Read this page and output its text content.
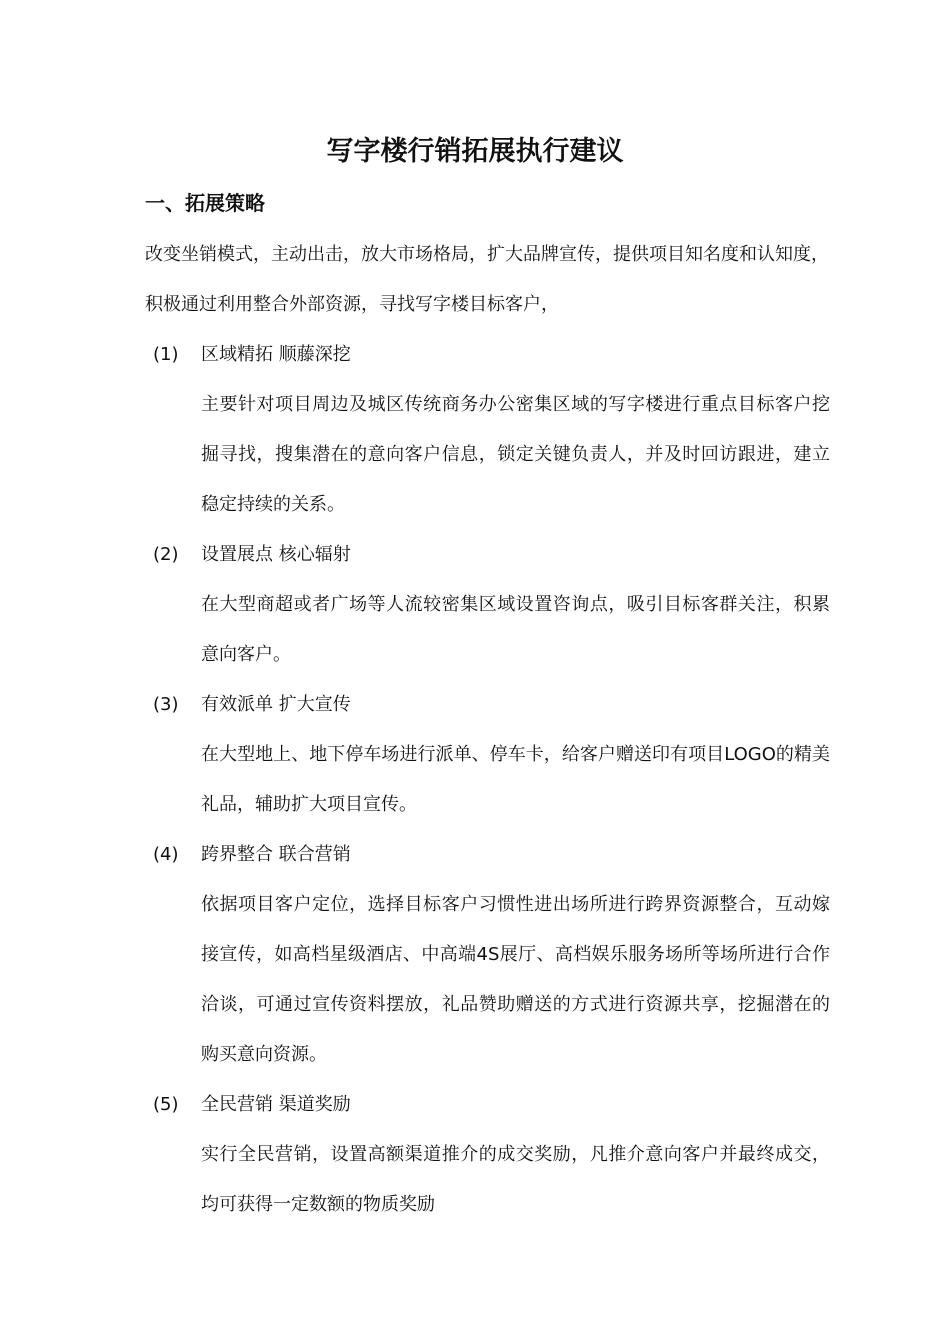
写字楼行销拓展执行建议
一、拓展策略

改变坐销模式，主动出击，放大市场格局，扩大品牌宣传，提供项目知名度和认知度，积极通过利用整合外部资源，寻找写字楼目标客户，

(1)	区域精拓 顺藤深挖

主要针对项目周边及城区传统商务办公密集区域的写字楼进行重点目标客户挖掘寻找，搜集潜在的意向客户信息，锁定关键负责人，并及时回访跟进，建立稳定持续的关系。

(2)	设置展点 核心辐射

在大型商超或者广场等人流较密集区域设置咨询点，吸引目标客群关注，积累意向客户。

(3)	有效派单 扩大宣传

在大型地上、地下停车场进行派单、停车卡，给客户赠送印有项目LOGO的精美礼品，辅助扩大项目宣传。

(4)	跨界整合 联合营销

依据项目客户定位，选择目标客户习惯性进出场所进行跨界资源整合，互动嫁接宣传，如高档星级酒店、中高端4S展厅、高档娱乐服务场所等场所进行合作洽谈，可通过宣传资料摆放，礼品赞助赠送的方式进行资源共享，挖掘潜在的购买意向资源。

(5)	全民营销 渠道奖励

实行全民营销，设置高额渠道推介的成交奖励，凡推介意向客户并最终成交，均可获得一定数额的物质奖励
